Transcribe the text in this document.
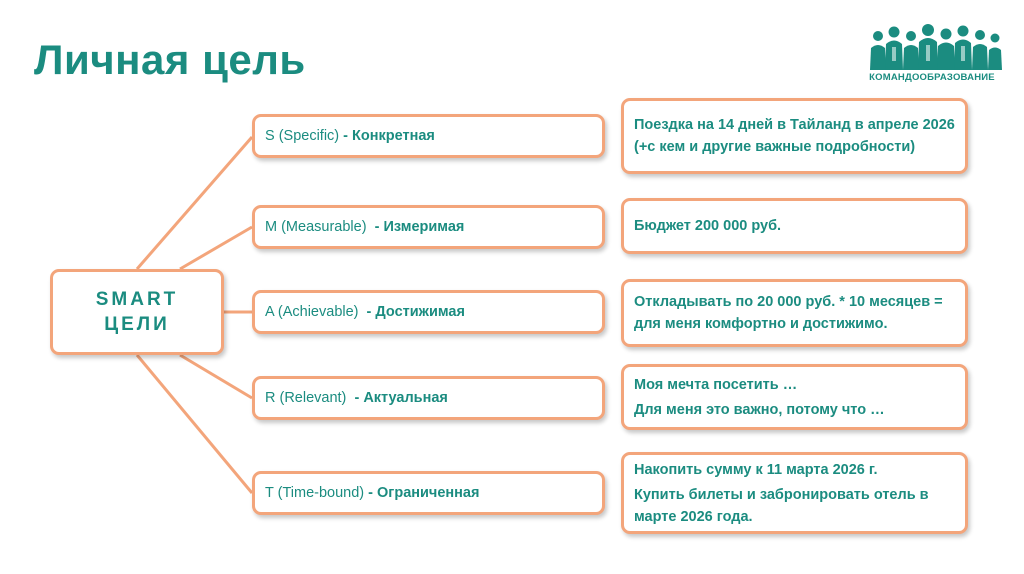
Личная цель	КОМАНДООБРАЗОВАНИЕ
SMART
ЦЕЛИ
S (Specific) - Конкретная
M (Measurable) - Измеримая
A (Achievable) - Достижимая
R (Relevant) - Актуальная
T (Time-bound) - Ограниченная

Поездка на 14 дней в Тайланд в апреле 2026 (+с кем и другие важные подробности)

Бюджет 200 000 руб.

Откладывать по 20 000 руб. * 10 месяцев = для меня комфортно и достижимо.

Моя мечта посетить …

Для меня это важно, потому что …

Накопить сумму к 11 марта 2026 г.

Купить билеты и забронировать отель в марте 2026 года.
